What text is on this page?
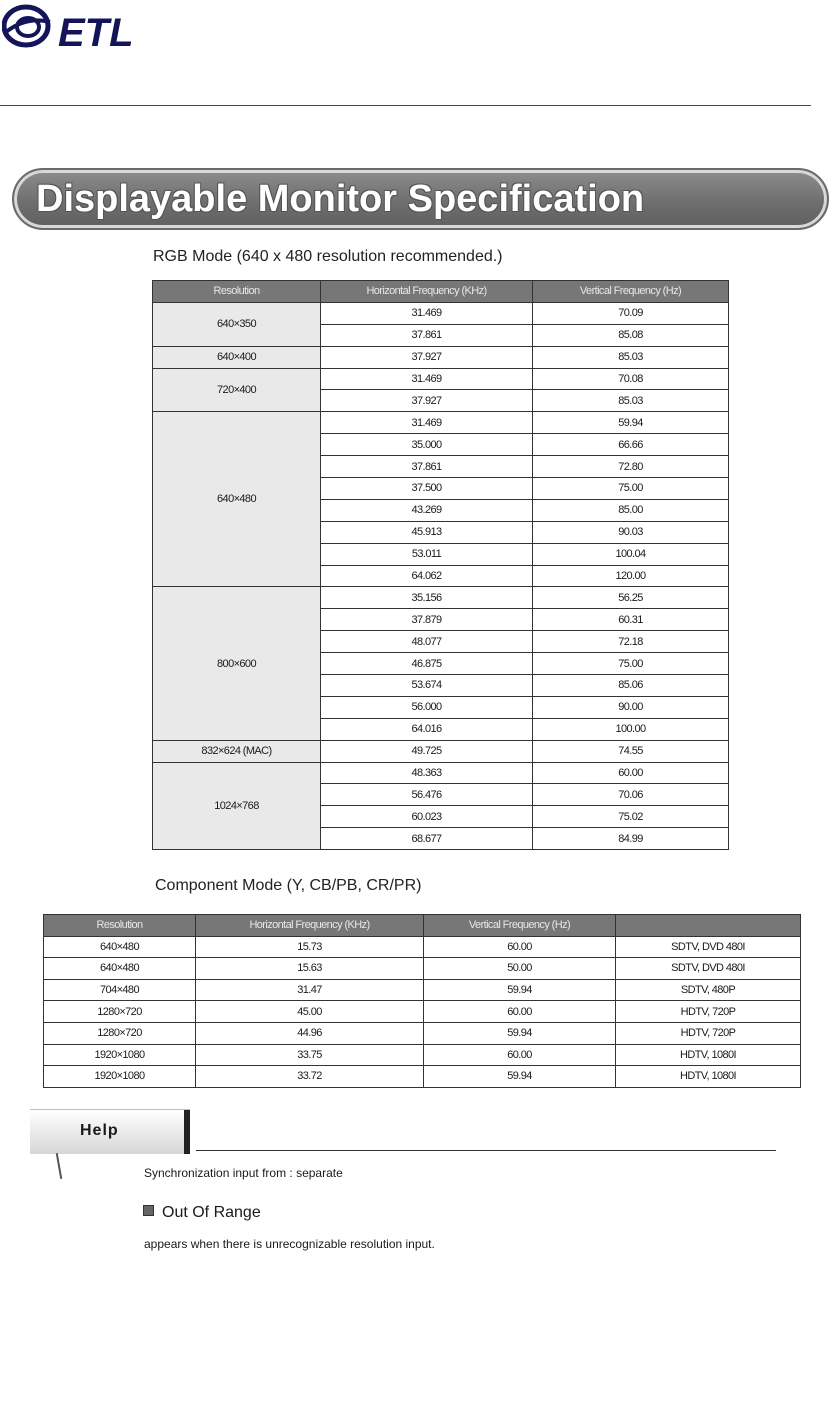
ETL
Displayable Monitor Specification
RGB Mode (640 x 480 resolution recommended.)
Resolution	Horizontal Frequency (KHz)	Vertical Frequency (Hz)
640×350	31.469	70.09
	37.861	85.08
640×400	37.927	85.03
720×400	31.469	70.08
	37.927	85.03
640×480	31.469	59.94
	35.000	66.66
	37.861	72.80
	37.500	75.00
	43.269	85.00
	45.913	90.03
	53.011	100.04
	64.062	120.00
800×600	35.156	56.25
	37.879	60.31
	48.077	72.18
	46.875	75.00
	53.674	85.06
	56.000	90.00
	64.016	100.00
832×624 (MAC)	49.725	74.55
1024×768	48.363	60.00
	56.476	70.06
	60.023	75.02
	68.677	84.99
Component Mode (Y, CB/PB, CR/PR)
Resolution	Horizontal Frequency (KHz)	Vertical Frequency (Hz)	
640×480	15.73	60.00	SDTV, DVD 480I
640×480	15.63	50.00	SDTV, DVD 480I
704×480	31.47	59.94	SDTV, 480P
1280×720	45.00	60.00	HDTV, 720P
1280×720	44.96	59.94	HDTV, 720P
1920×1080	33.75	60.00	HDTV, 1080I
1920×1080	33.72	59.94	HDTV, 1080I
Help
Synchronization input from : separate
Out Of Range
appears when there is unrecognizable resolution input.
